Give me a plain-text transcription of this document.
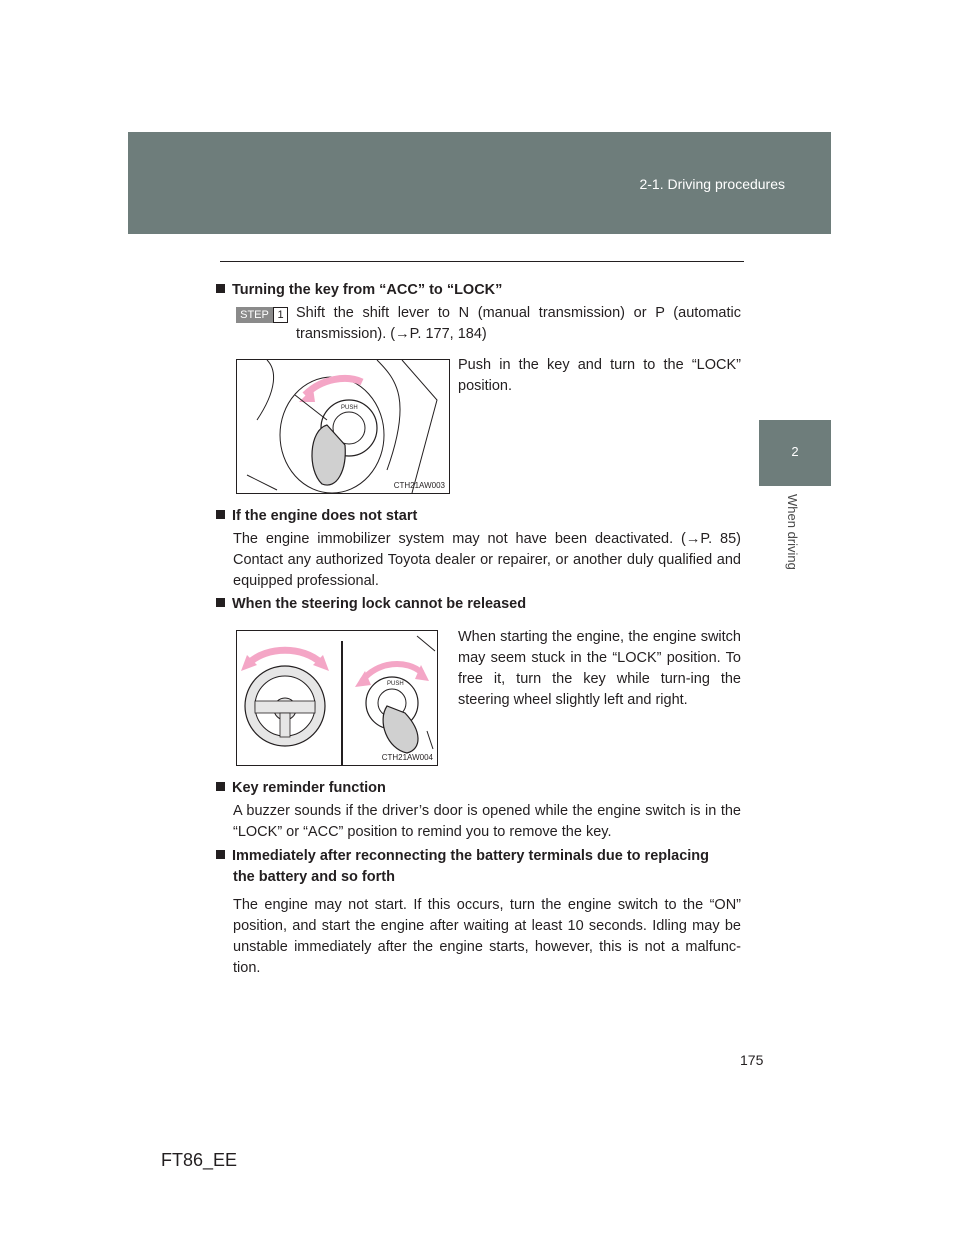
2-1. Driving procedures
2
When driving
Turning the key from “ACC” to “LOCK”
STEP 1 Shift the shift lever to N (manual transmission) or P (automatic
transmission). (→P. 177, 184)
PUSH
CTH21AW003
Push in the key and turn to the “LOCK” position.
If the engine does not start
The engine immobilizer system may not have been deactivated. (→P. 85) Contact any authorized Toyota dealer or repairer, or another duly qualified and equipped professional.
When the steering lock cannot be released
PUSH
CTH21AW004
When starting the engine, the engine switch may seem stuck in the “LOCK” position. To free it, turn the key while turn-ing the steering wheel slightly left and right.
Key reminder function
A buzzer sounds if the driver’s door is opened while the engine switch is in the “LOCK” or “ACC” position to remind you to remove the key.
Immediately after reconnecting the battery terminals due to replacing
the battery and so forth
The engine may not start. If this occurs, turn the engine switch to the “ON” position, and start the engine after waiting at least 10 seconds. Idling may be unstable immediately after the engine starts, however, this is not a malfunc-tion.
175
FT86_EE
